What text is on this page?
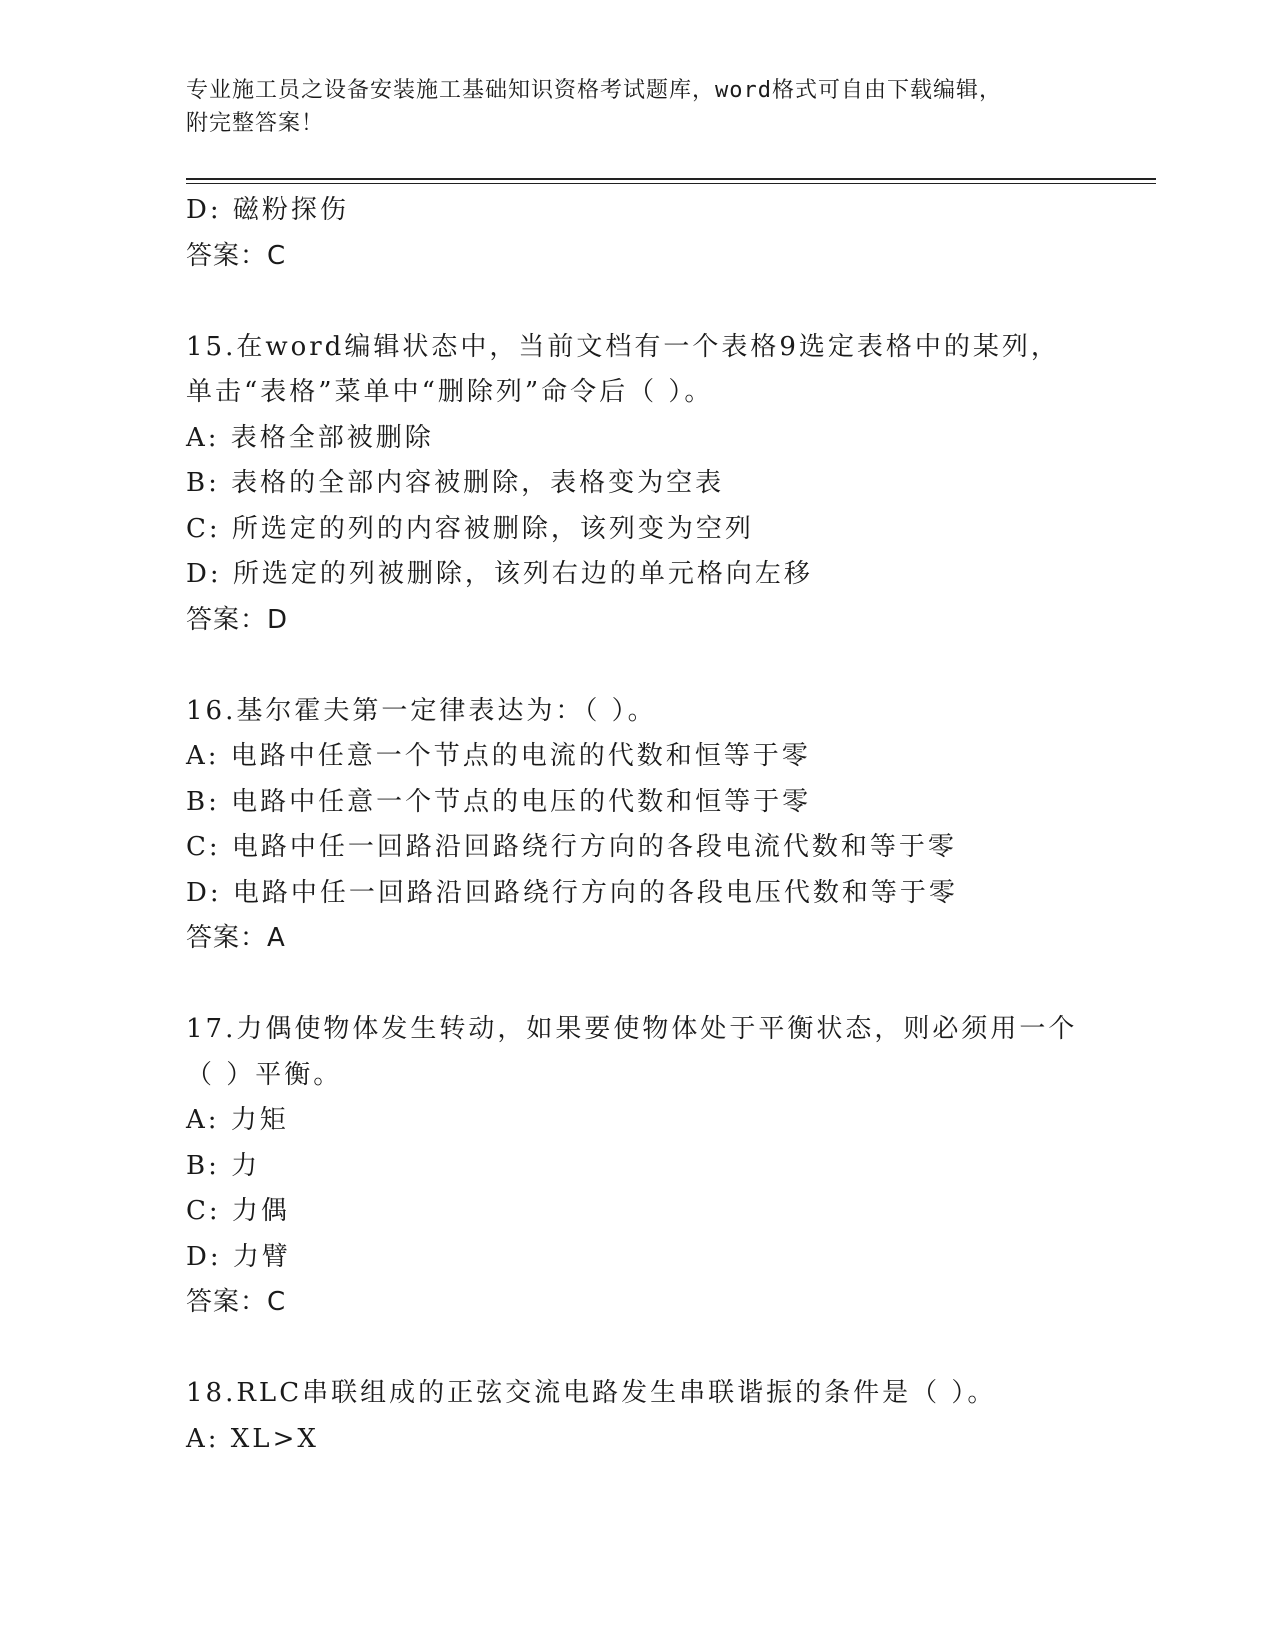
专业施工员之设备安装施工基础知识资格考试题库，word格式可自由下载编辑，
附完整答案！
D: 磁粉探伤
答案：C
15.在word编辑状态中，当前文档有一个表格9选定表格中的某列，
单击“表格”菜单中“删除列”命令后（ ）。
A: 表格全部被删除
B: 表格的全部内容被删除，表格变为空表
C: 所选定的列的内容被删除，该列变为空列
D: 所选定的列被删除，该列右边的单元格向左移
答案：D
16.基尔霍夫第一定律表达为：（ ）。
A: 电路中任意一个节点的电流的代数和恒等于零
B: 电路中任意一个节点的电压的代数和恒等于零
C: 电路中任一回路沿回路绕行方向的各段电流代数和等于零
D: 电路中任一回路沿回路绕行方向的各段电压代数和等于零
答案：A
17.力偶使物体发生转动，如果要使物体处于平衡状态，则必须用一个
（ ）平衡。
A: 力矩
B: 力
C: 力偶
D: 力臂
答案：C
18.RLC串联组成的正弦交流电路发生串联谐振的条件是（ ）。
A: XL>X
